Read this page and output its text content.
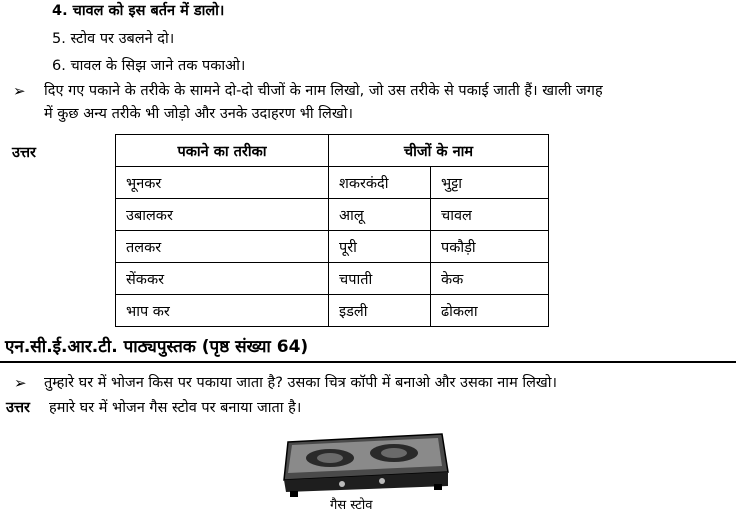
4. चावल को इस बर्तन में डालो।
5. स्टोव पर उबलने दो।
6. चावल के सिझ जाने तक पकाओ।
➢ दिए गए पकाने के तरीके के सामने दो-दो चीजों के नाम लिखो, जो उस तरीके से पकाई जाती हैं। खाली जगह
में कुछ अन्य तरीके भी जोड़ो और उनके उदाहरण भी लिखो।
उत्तर	पकाने का तरीका	चीजों के नाम	
भूनकर	शकरकंदी	भुट्टा
उबालकर	आलू	चावल
तलकर	पूरी	पकौड़ी
सेंककर	चपाती	केक
भाप कर	इडली	ढोकला
एन.सी.ई.आर.टी. पाठ्यपुस्तक (पृष्ठ संख्या 64)
➢ तुम्हारे घर में भोजन किस पर पकाया जाता है? उसका चित्र कॉपी में बनाओ और उसका नाम लिखो।
उत्तर हमारे घर में भोजन गैस स्टोव पर बनाया जाता है।
गैस स्टोव
